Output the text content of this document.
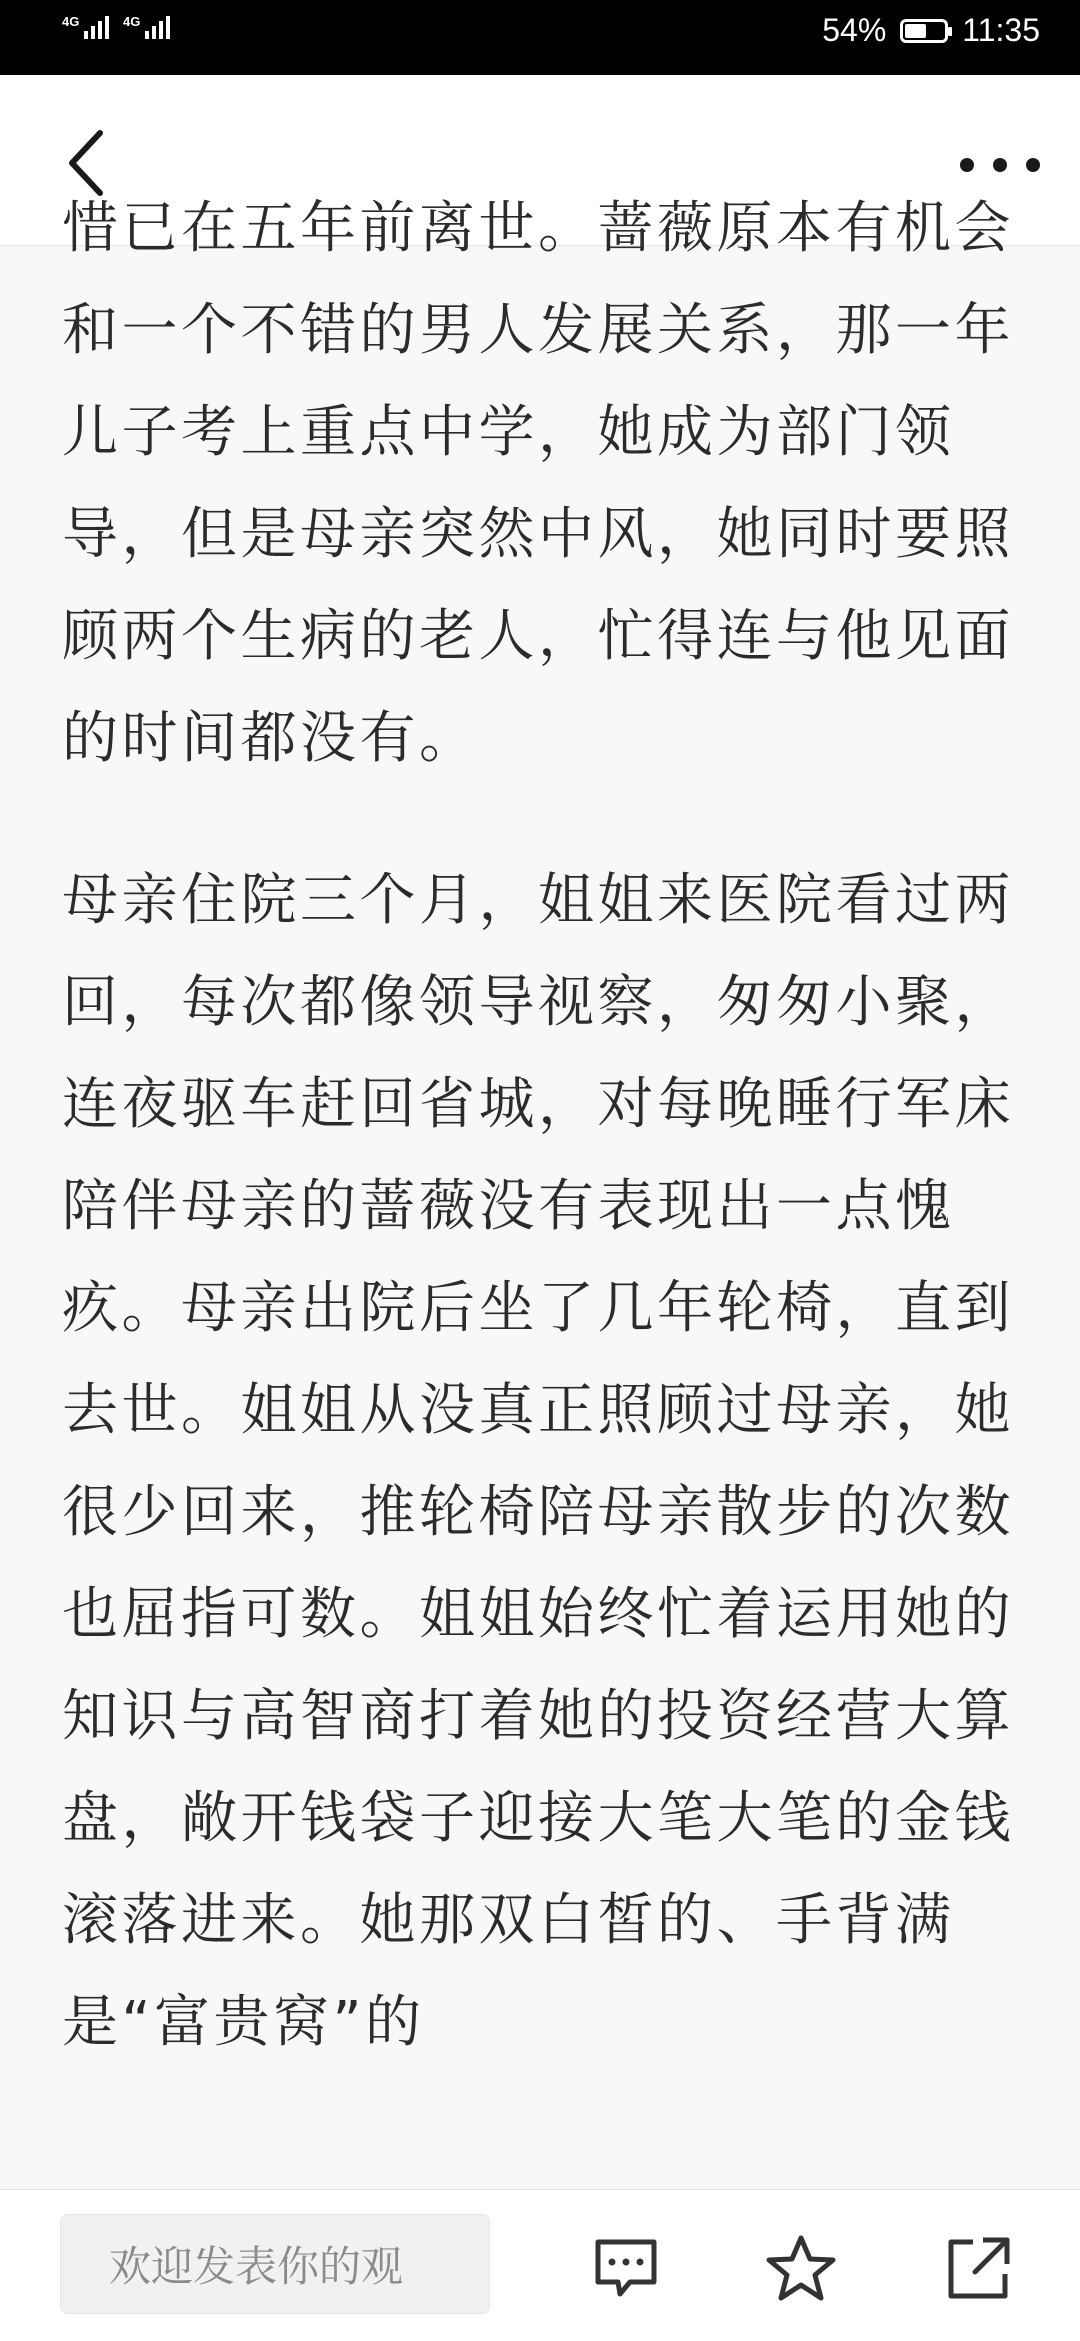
4G	4G	54% 11:35

惜已在五年前离世。蔷薇原本有机会和一个不错的男人发展关系，那一年儿子考上重点中学，她成为部门领导，但是母亲突然中风，她同时要照顾两个生病的老人，忙得连与他见面的时间都没有。

母亲住院三个月，姐姐来医院看过两回，每次都像领导视察，匆匆小聚，连夜驱车赶回省城，对每晚睡行军床陪伴母亲的蔷薇没有表现出一点愧疚。母亲出院后坐了几年轮椅，直到去世。姐姐从没真正照顾过母亲，她很少回来，推轮椅陪母亲散步的次数也屈指可数。姐姐始终忙着运用她的知识与高智商打着她的投资经营大算盘，敞开钱袋子迎接大笔大笔的金钱滚落进来。她那双白皙的、手背满是“富贵窝”的

欢迎发表你的观
